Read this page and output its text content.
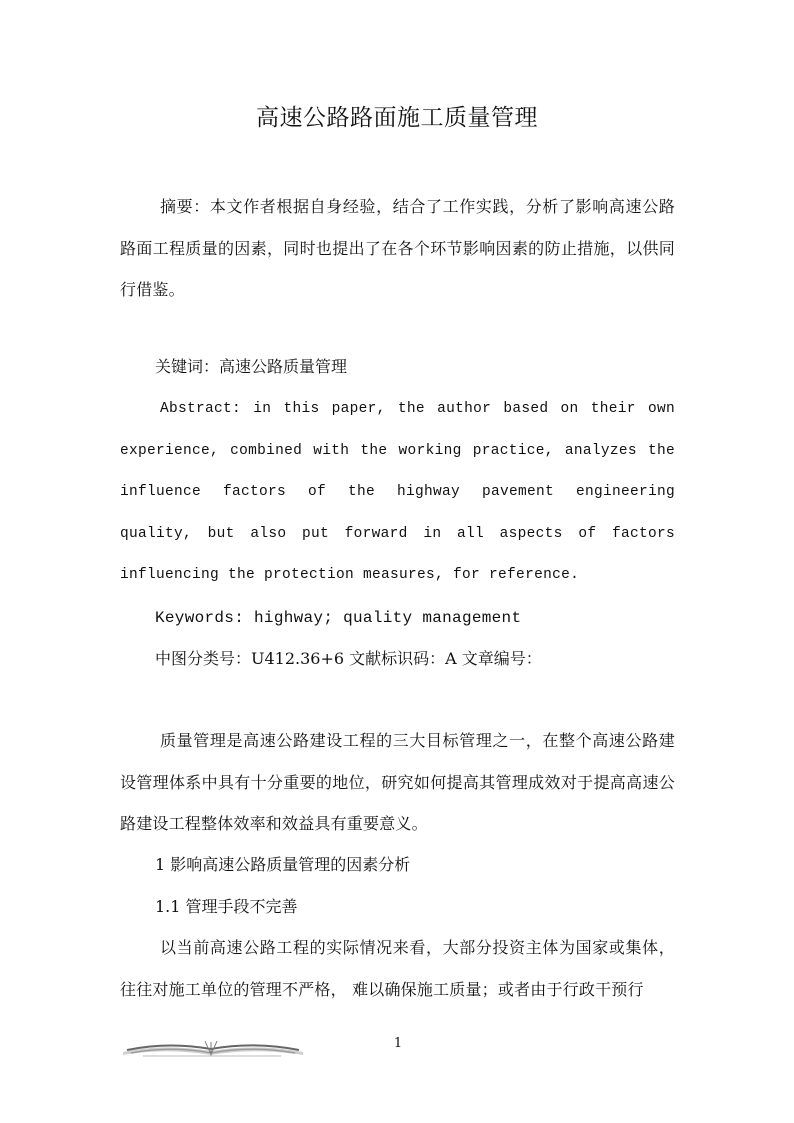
高速公路路面施工质量管理

摘要：本文作者根据自身经验，结合了工作实践，分析了影响高速公路路面工程质量的因素，同时也提出了在各个环节影响因素的防止措施，以供同行借鉴。

关键词：高速公路质量管理

Abstract: in this paper, the author based on their own experience, combined with the working practice, analyzes the influence factors of the highway pavement engineering quality, but also put forward in all aspects of factors influencing the protection measures, for reference.

Keywords: highway; quality management

中图分类号：U412.36+6 文献标识码：A 文章编号：

质量管理是高速公路建设工程的三大目标管理之一，在整个高速公路建设管理体系中具有十分重要的地位，研究如何提高其管理成效对于提高高速公路建设工程整体效率和效益具有重要意义。

1 影响高速公路质量管理的因素分析

1.1 管理手段不完善

以当前高速公路工程的实际情况来看，大部分投资主体为国家或集体，往往对施工单位的管理不严格， 难以确保施工质量；或者由于行政干预行

1
